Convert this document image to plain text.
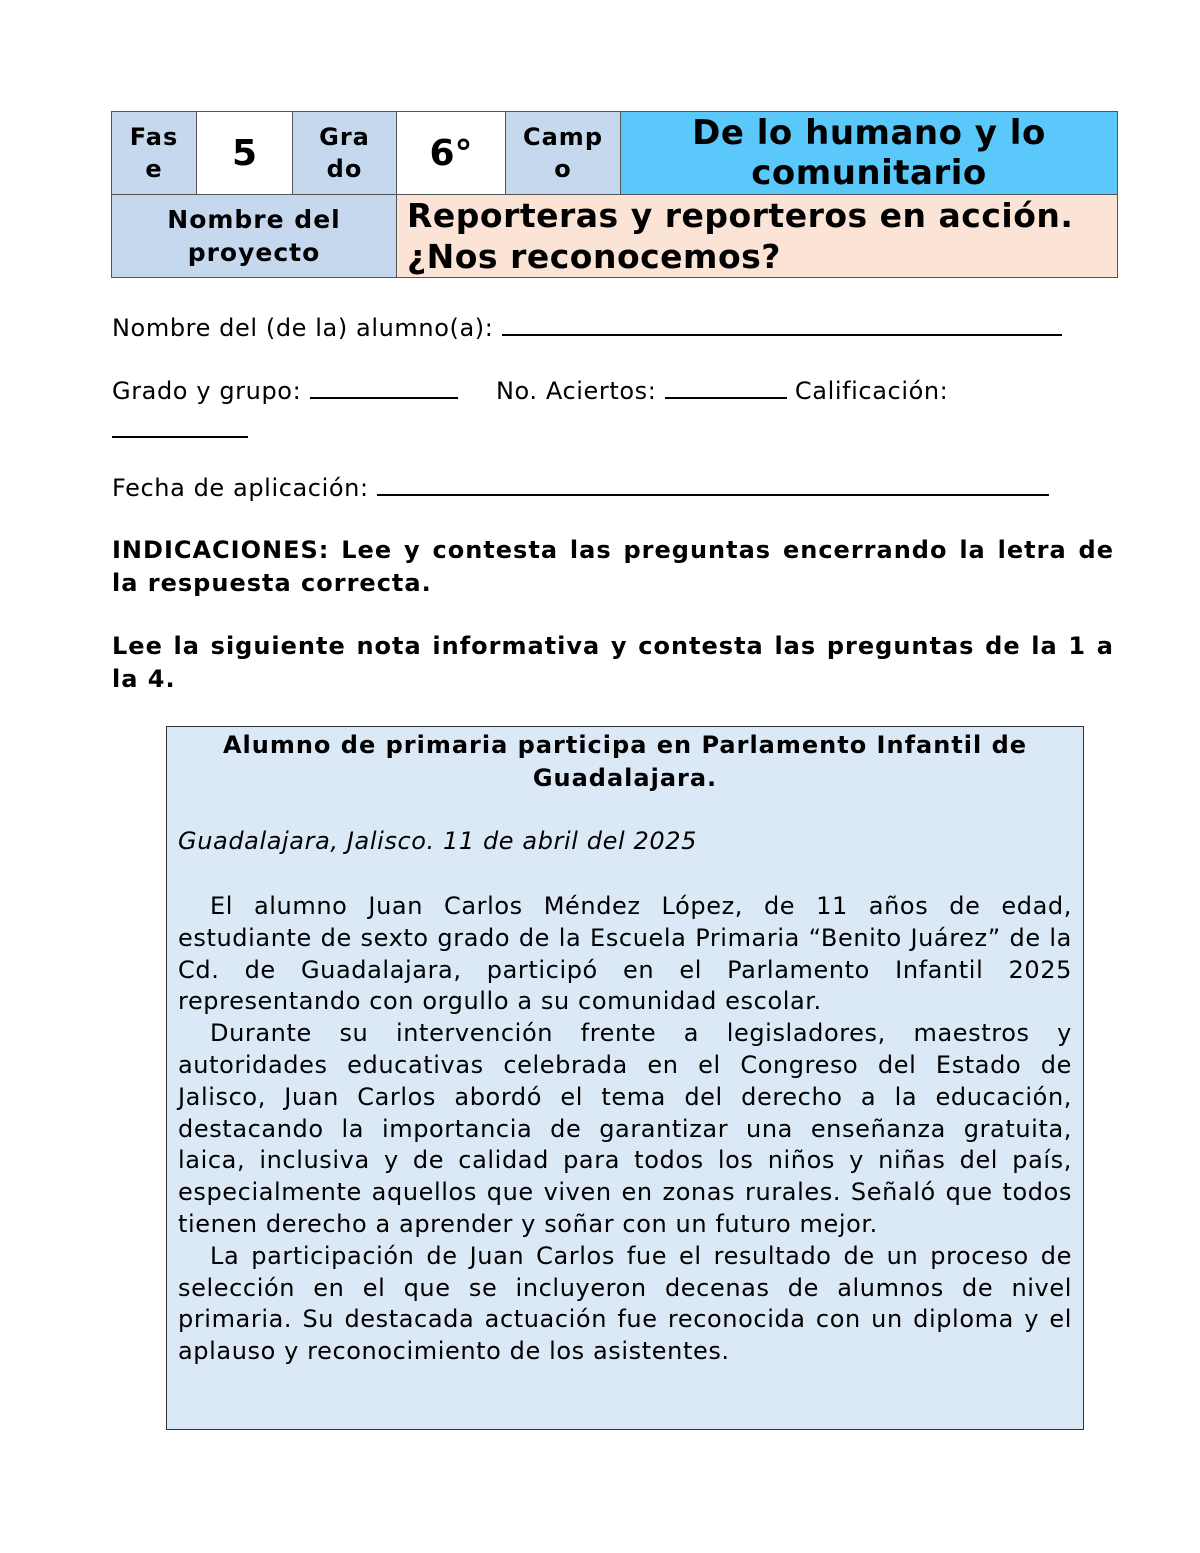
Fase	5	Grado	6°	Campo	De lo humano y lo comunitario

Nombre del proyecto			Reporteras y reporteros en acción. ¿Nos reconocemos?		
Nombre del (de la) alumno(a):
Grado y grupo:	No. Aciertos:	Calificación:
Fecha de aplicación:
INDICACIONES: Lee y contesta las preguntas encerrando la letra de la respuesta correcta.
Lee la siguiente nota informativa y contesta las preguntas de la 1 a la 4.

Alumno de primaria participa en Parlamento Infantil de Guadalajara.

Guadalajara, Jalisco. 11 de abril del 2025

El alumno Juan Carlos Méndez López, de 11 años de edad, estudiante de sexto grado de la Escuela Primaria “Benito Juárez” de la Cd. de Guadalajara, participó en el Parlamento Infantil 2025 representando con orgullo a su comunidad escolar.

Durante su intervención frente a legisladores, maestros y autoridades educativas celebrada en el Congreso del Estado de Jalisco, Juan Carlos abordó el tema del derecho a la educación, destacando la importancia de garantizar una enseñanza gratuita, laica, inclusiva y de calidad para todos los niños y niñas del país, especialmente aquellos que viven en zonas rurales. Señaló que todos tienen derecho a aprender y soñar con un futuro mejor.

La participación de Juan Carlos fue el resultado de un proceso de selección en el que se incluyeron decenas de alumnos de nivel primaria. Su destacada actuación fue reconocida con un diploma y el aplauso y reconocimiento de los asistentes.
